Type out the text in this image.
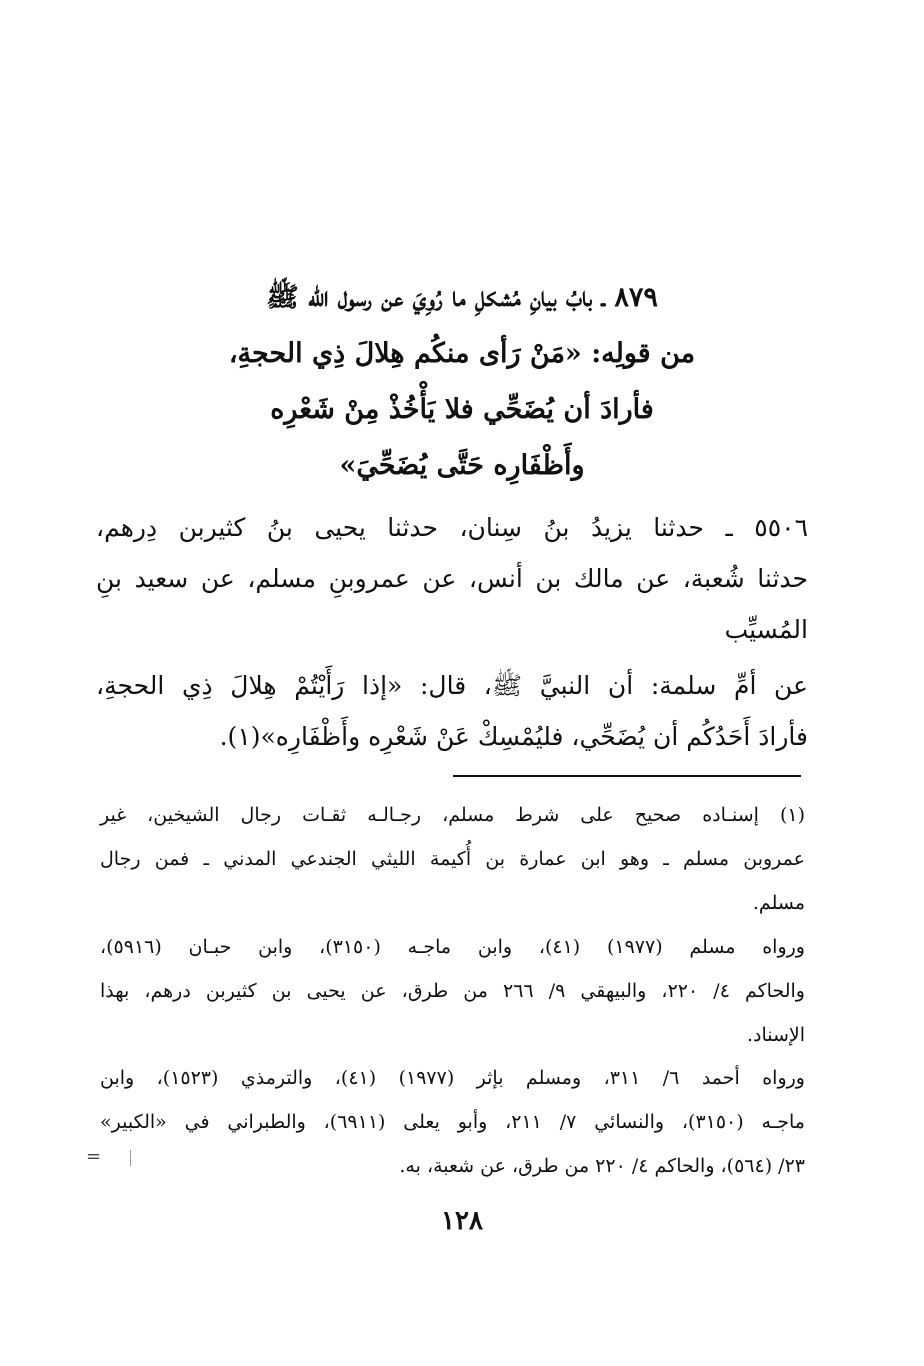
٨٧٩ ـ بابُ بيانِ مُشكلِ ما رُوِيَ عن رسول الله ﷺ
من قولِه: «مَنْ رَأى منكُم هِلالَ ذِي الحجةِ،
فأرادَ أن يُضَحِّي فلا يَأْخُذْ مِنْ شَعْرِه
وأَظْفَارِه حَتَّى يُضَحِّيَ»
٥٥٠٦ ـ حدثنا يزيدُ بنُ سِنان، حدثنا يحيى بنُ كثيربن دِرهم،
حدثنا شُعبة، عن مالك بن أنس، عن عمروبنِ مسلم، عن سعيد بنِ
المُسيِّب
عن أمِّ سلمة: أن النبيَّ ﷺ، قال: «إذا رَأَيْتُمْ هِلالَ ذِي الحجةِ،
فأرادَ أَحَدُكُم أن يُضَحِّي، فليُمْسِكْ عَنْ شَعْرِه وأَظْفَارِه»(١).
(١) إسنـاده صحيح على شرط مسلم، رجـالـه ثقـات رجال الشيخين، غير
عمروبن مسلم ـ وهو ابن عمارة بن أُكيمة الليثي الجندعي المدني ـ فمن رجال
مسلم.
ورواه مسلم (١٩٧٧) (٤١)، وابن ماجـه (٣١٥٠)، وابن حبـان (٥٩١٦)،
والحاكم ٤/ ٢٢٠، والبيهقي ٩/ ٢٦٦ من طرق، عن يحيى بن كثيربن درهم، بهذا
الإسناد.
ورواه أحمد ٦/ ٣١١، ومسلم بإثر (١٩٧٧) (٤١)، والترمذي (١٥٢٣)، وابن
ماجـه (٣١٥٠)، والنسائي ٧/ ٢١١، وأبو يعلى (٦٩١١)، والطبراني في «الكبير»
٢٣/ (٥٦٤)، والحاكم ٤/ ٢٢٠ من طرق، عن شعبة، به.
=
١٢٨
